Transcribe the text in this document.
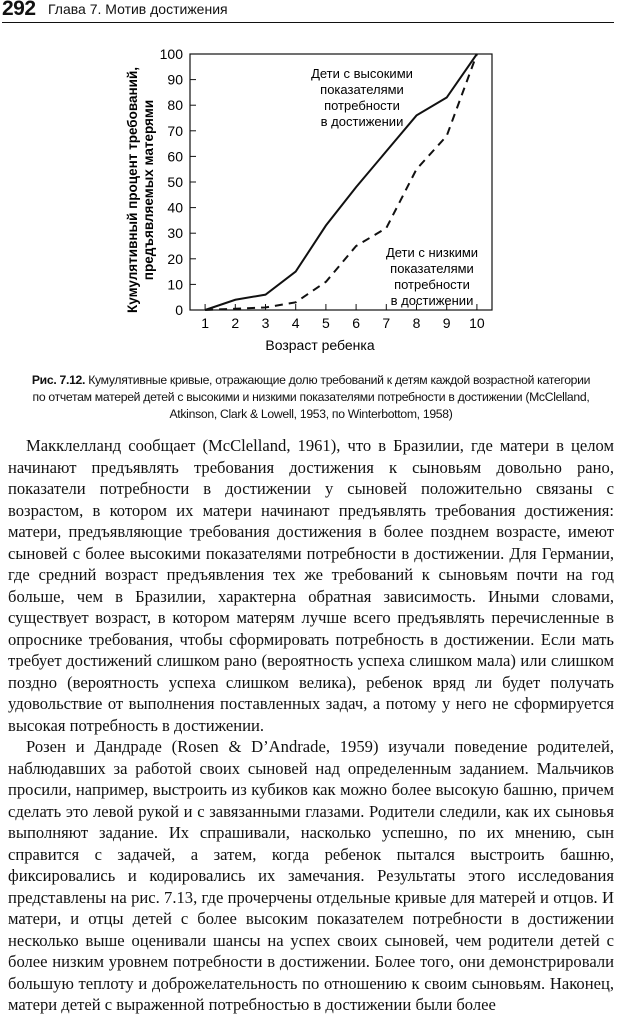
292 Глава 7. Мотив достижения
0
10
20
30
40
50
60
70
80
90
100
1 2 3 4 5 6 7 8 9 10
Дети с высокими
показателями
потребности
в достижении
Дети с низкими
показателями
потребности
в достижении
Возраст ребенка
Кумулятивный процент требований, предъявляемых матерями
Рис. 7.12. Кумулятивные кривые, отражающие долю требований к детям каждой возрастной категории по отчетам матерей детей с высокими и низкими показателями потребности в достижении (McClelland, Atkinson, Clark & Lowell, 1953, по Winterbottom, 1958)

Макклелланд сообщает (McClelland, 1961), что в Бразилии, где матери в целом начинают предъявлять требования достижения к сыновьям довольно рано, показатели потребности в достижении у сыновей положительно связаны с возрастом, в котором их матери начинают предъявлять требования достижения: матери, предъявляющие требования достижения в более позднем возрасте, имеют сыновей с более высокими показателями потребности в достижении. Для Германии, где средний возраст предъявления тех же требований к сыновьям почти на год больше, чем в Бразилии, характерна обратная зависимость. Иными словами, существует возраст, в котором матерям лучше всего предъявлять перечисленные в опроснике требования, чтобы сформировать потребность в достижении. Если мать требует достижений слишком рано (вероятность успеха слишком мала) или слишком поздно (вероятность успеха слишком велика), ребенок вряд ли будет получать удовольствие от выполнения поставленных задач, а потому у него не сформируется высокая потребность в достижении.

Розен и Дандраде (Rosen & D’Andrade, 1959) изучали поведение родителей, наблюдавших за работой своих сыновей над определенным заданием. Мальчиков просили, например, выстроить из кубиков как можно более высокую башню, причем сделать это левой рукой и с завязанными глазами. Родители следили, как их сыновья выполняют задание. Их спрашивали, насколько успешно, по их мнению, сын справится с задачей, а затем, когда ребенок пытался выстроить башню, фиксировались и кодировались их замечания. Результаты этого исследования представлены на рис. 7.13, где прочерчены отдельные кривые для матерей и отцов. И матери, и отцы детей с более высоким показателем потребности в достижении несколько выше оценивали шансы на успех своих сыновей, чем родители детей с более низким уровнем потребности в достижении. Более того, они демонстрировали большую теплоту и доброжелательность по отношению к своим сыновьям. Наконец, матери детей с выраженной потребностью в достижении были более
